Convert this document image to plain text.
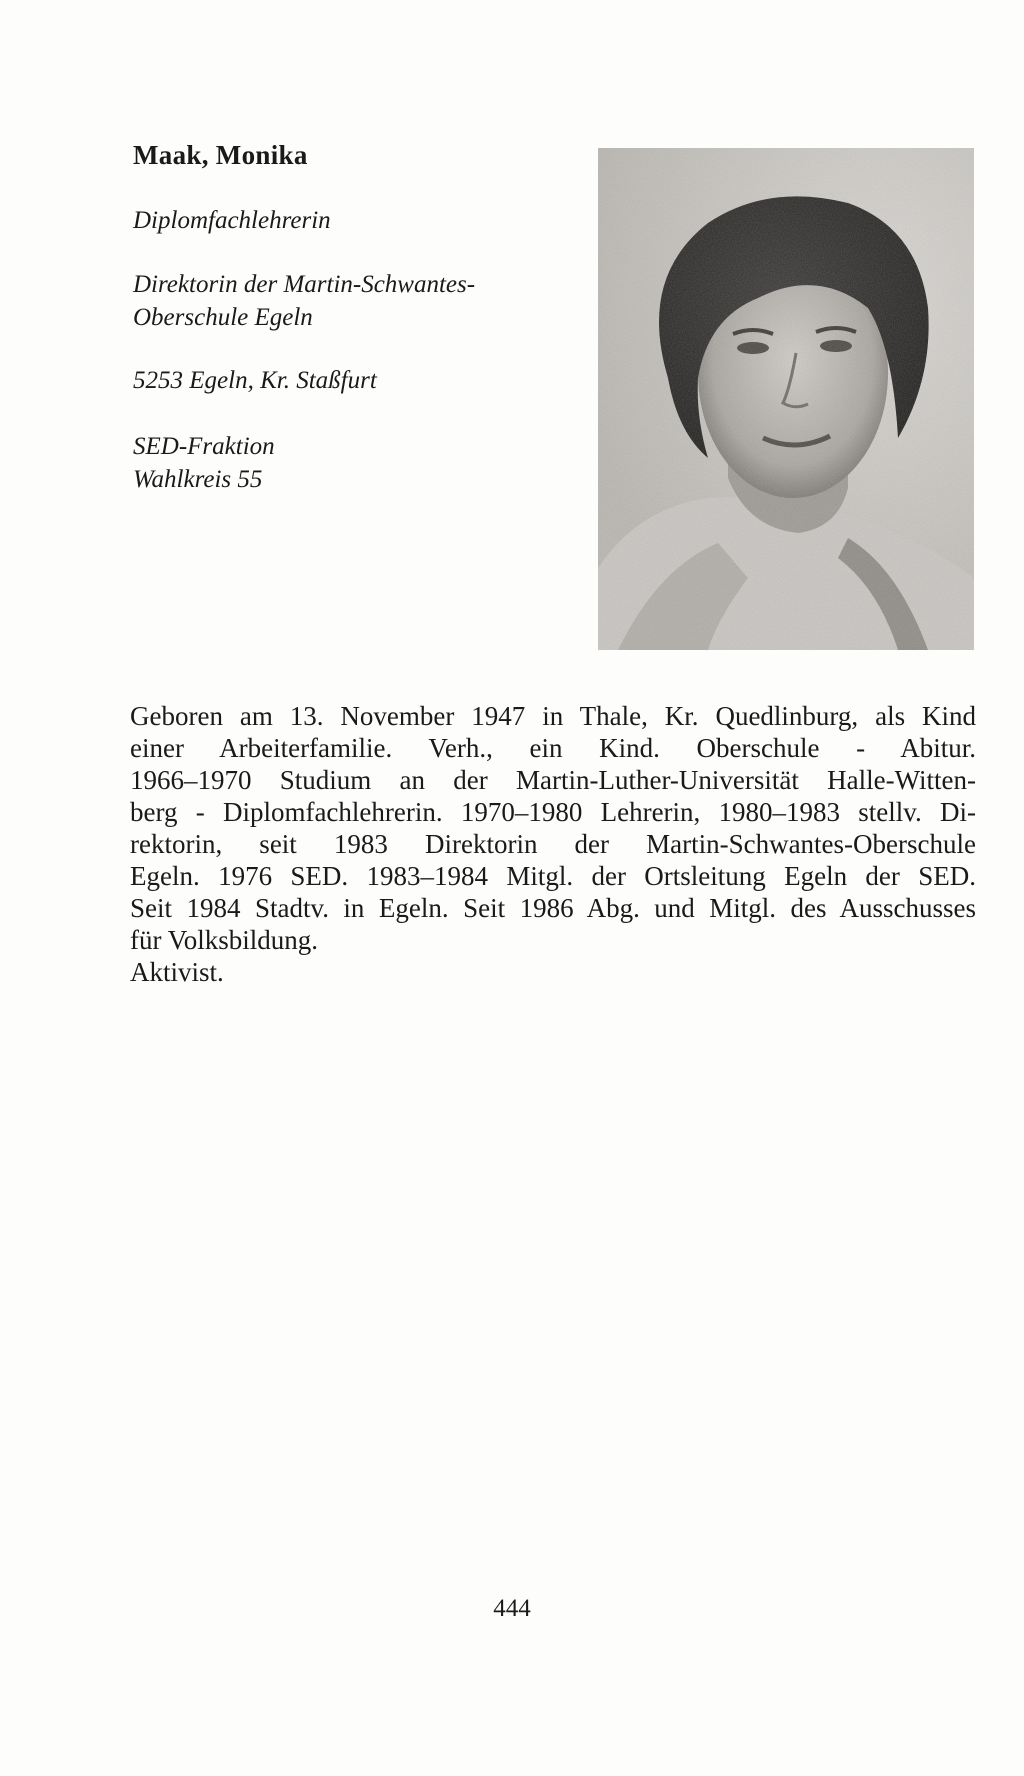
Maak, Monika

Diplomfachlehrerin

Direktorin der Martin-Schwantes-
Oberschule Egeln

5253 Egeln, Kr. Staßfurt

SED-Fraktion
Wahlkreis 55

Geboren am 13. November 1947 in Thale, Kr. Quedlinburg, als Kind
einer Arbeiterfamilie. Verh., ein Kind. Oberschule - Abitur.
1966–1970 Studium an der Martin-Luther-Universität Halle-Witten-
berg - Diplomfachlehrerin. 1970–1980 Lehrerin, 1980–1983 stellv. Di-
rektorin, seit 1983 Direktorin der Martin-Schwantes-Oberschule
Egeln. 1976 SED. 1983–1984 Mitgl. der Ortsleitung Egeln der SED.
Seit 1984 Stadtv. in Egeln. Seit 1986 Abg. und Mitgl. des Ausschusses
für Volksbildung.
Aktivist.
444
